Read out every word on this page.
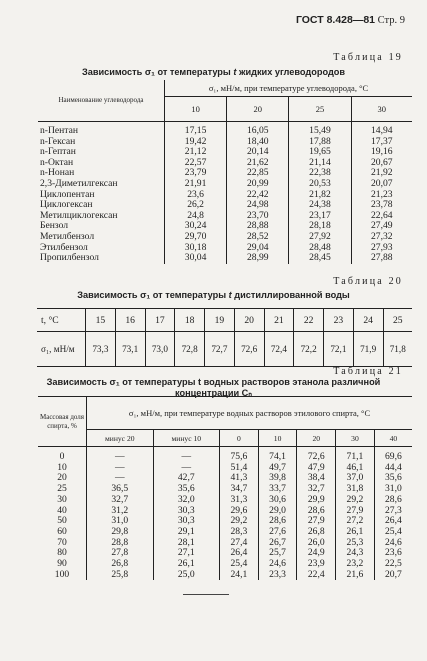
ГОСТ 8.428—81 Стр. 9
Таблица 19
Зависимость σ₁ от температуры t жидких углеводородов
Наименование углеводорода	σ₁, мН/м, при температуре углеводорода, °С			
	10	20	25	30
n-Пентан	17,15	16,05	15,49	14,94
n-Гексан	19,42	18,40	17,88	17,37
n-Гептан	21,12	20,14	19,65	19,16
n-Октан	22,57	21,62	21,14	20,67
n-Нонан	23,79	22,85	22,38	21,92
2,3-Диметилгексан	21,91	20,99	20,53	20,07
Циклопентан	23,6	22,42	21,82	21,23
Циклогексан	26,2	24,98	24,38	23,78
Метилциклогексан	24,8	23,70	23,17	22,64
Бензол	30,24	28,88	28,18	27,49
Метилбензол	29,70	28,52	27,92	27,32
Этилбензол	30,18	29,04	28,48	27,93
Пропилбензол	30,04	28,99	28,45	27,88
Таблица 20
Зависимость σ₁ от температуры t дистиллированной воды
t, °С	15	16	17	18	19	20	21	22	23	24	25
σ₁, мН/м	73,3	73,1	73,0	72,8	72,7	72,6	72,4	72,2	72,1	71,9	71,8
Таблица 21
Зависимость σ₁ от температуры t водных растворов этанола различной
концентрации Cₙ
Массовая доля спирта, %	σ₁, мН/м, при температуре водных растворов этилового спирта, °С						
	минус 20	минус 10	0	10	20	30	40
0	—	—	75,6	74,1	72,6	71,1	69,6
10	—	—	51,4	49,7	47,9	46,1	44,4
20	—	42,7	41,3	39,8	38,4	37,0	35,6
25	36,5	35,6	34,7	33,7	32,7	31,8	31,0
30	32,7	32,0	31,3	30,6	29,9	29,2	28,6
40	31,2	30,3	29,6	29,0	28,6	27,9	27,3
50	31,0	30,3	29,2	28,6	27,9	27,2	26,4
60	29,8	29,1	28,3	27,6	26,8	26,1	25,4
70	28,8	28,1	27,4	26,7	26,0	25,3	24,6
80	27,8	27,1	26,4	25,7	24,9	24,3	23,6
90	26,8	26,1	25,4	24,6	23,9	23,2	22,5
100	25,8	25,0	24,1	23,3	22,4	21,6	20,7
